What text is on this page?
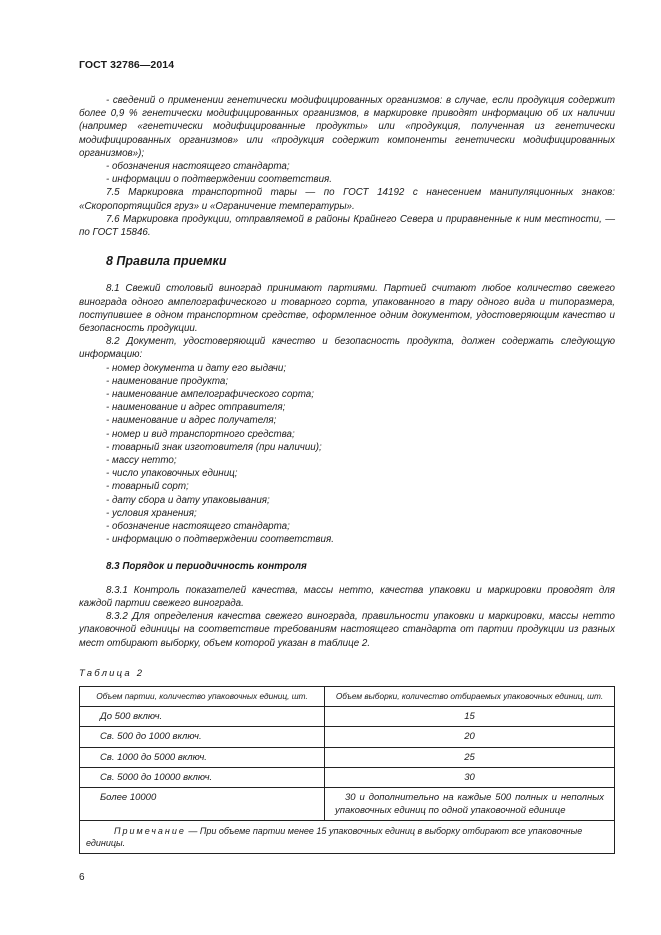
ГОСТ 32786—2014

- сведений о применении генетически модифицированных организмов: в случае, если продукция содержит более 0,9 % генетически модифицированных организмов, в маркировке приводят информацию об их наличии (например «генетически модифицированные продукты» или «продукция, полученная из генетически модифицированных организмов» или «продукция содержит компоненты генетически модифицированных организмов»);

- обозначения настоящего стандарта;

- информации о подтверждении соответствия.

7.5 Маркировка транспортной тары — по ГОСТ 14192 с нанесением манипуляционных знаков: «Скоропортящийся груз» и «Ограничение температуры».

7.6 Маркировка продукции, отправляемой в районы Крайнего Севера и приравненные к ним местности, — по ГОСТ 15846.

8 Правила приемки

8.1 Свежий столовый виноград принимают партиями. Партией считают любое количество свежего винограда одного ампелографического и товарного сорта, упакованного в тару одного вида и типоразмера, поступившее в одном транспортном средстве, оформленное одним документом, удостоверяющим качество и безопасность продукции.

8.2 Документ, удостоверяющий качество и безопасность продукта, должен содержать следующую информацию:

- номер документа и дату его выдачи;
- наименование продукта;
- наименование ампелографического сорта;
- наименование и адрес отправителя;
- наименование и адрес получателя;
- номер и вид транспортного средства;
- товарный знак изготовителя (при наличии);
- массу нетто;
- число упаковочных единиц;
- товарный сорт;
- дату сбора и дату упаковывания;
- условия хранения;
- обозначение настоящего стандарта;
- информацию о подтверждении соответствия.
8.3 Порядок и периодичность контроля

8.3.1 Контроль показателей качества, массы нетто, качества упаковки и маркировки проводят для каждой партии свежего винограда.

8.3.2 Для определения качества свежего винограда, правильности упаковки и маркировки, массы нетто упаковочной единицы на соответствие требованиям настоящего стандарта от партии продукции из разных мест отбирают выборку, объем которой указан в таблице 2.

Таблица 2
Объем партии, количество упаковочных единиц, шт.	Объем выборки, количество отбираемых упаковочных единиц, шт.
До 500 включ.	15
Св. 500 до 1000 включ.	20
Св. 1000 до 5000 включ.	25
Св. 5000 до 10000 включ.	30
Более 10000	30 и дополнительно на каждые 500 полных и неполных упаковочных единиц по одной упаковочной единице
Примечание — При объеме партии менее 15 упаковочных единиц в выборку отбирают все упаковочные единицы.	
6
